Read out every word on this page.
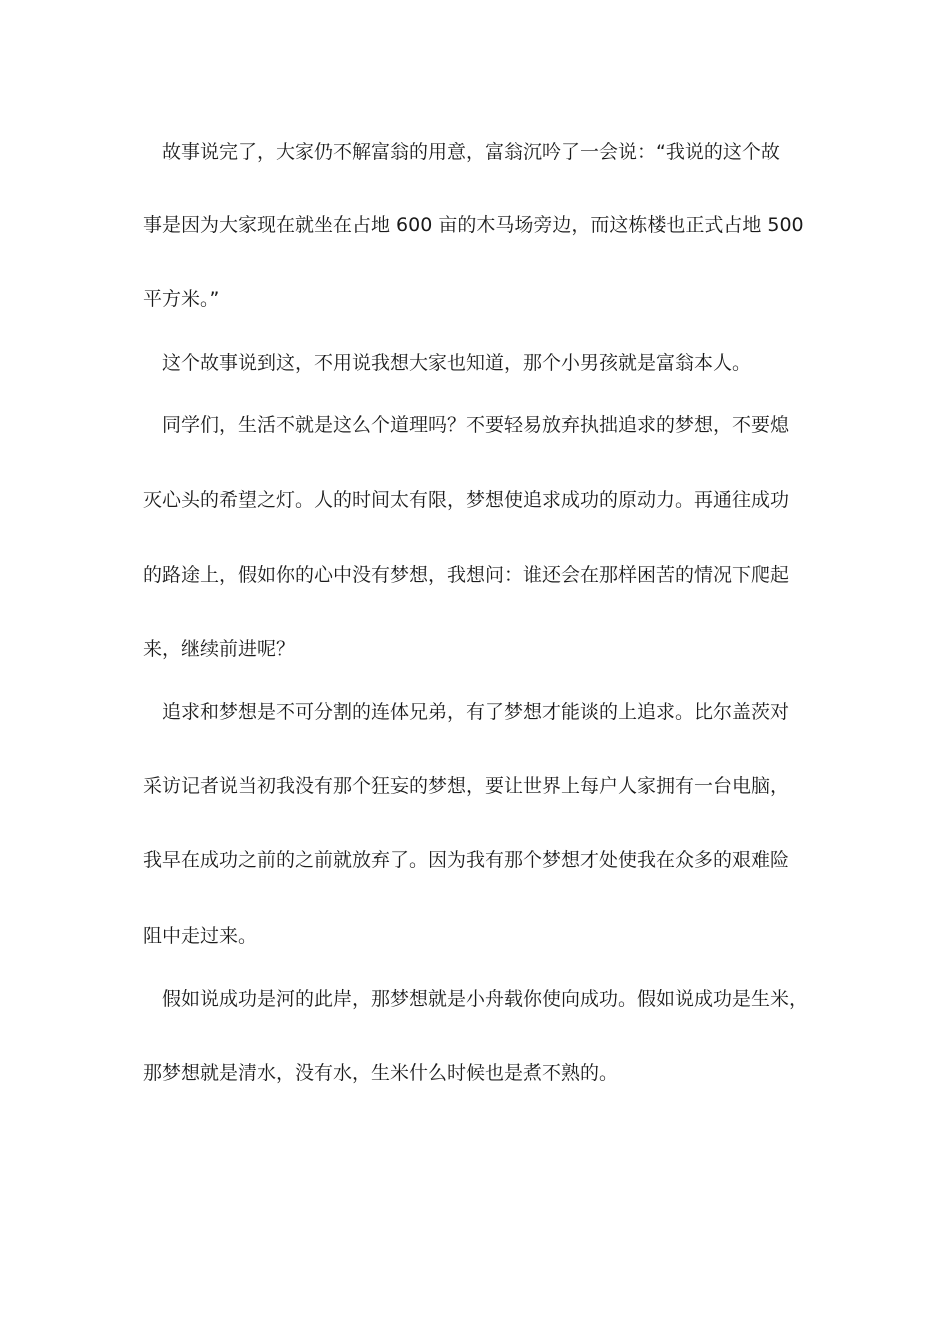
故事说完了，大家仍不解富翁的用意，富翁沉吟了一会说：“我说的这个故
事是因为大家现在就坐在占地 600 亩的木马场旁边，而这栋楼也正式占地 500
平方米。”
这个故事说到这，不用说我想大家也知道，那个小男孩就是富翁本人。
同学们，生活不就是这么个道理吗？不要轻易放弃执拙追求的梦想，不要熄
灭心头的希望之灯。人的时间太有限，梦想使追求成功的原动力。再通往成功
的路途上，假如你的心中没有梦想，我想问：谁还会在那样困苦的情况下爬起
来，继续前进呢？
追求和梦想是不可分割的连体兄弟，有了梦想才能谈的上追求。比尔盖茨对
采访记者说当初我没有那个狂妄的梦想，要让世界上每户人家拥有一台电脑，
我早在成功之前的之前就放弃了。因为我有那个梦想才处使我在众多的艰难险
阻中走过来。
假如说成功是河的此岸，那梦想就是小舟载你使向成功。假如说成功是生米，
那梦想就是清水，没有水，生米什么时候也是煮不熟的。
